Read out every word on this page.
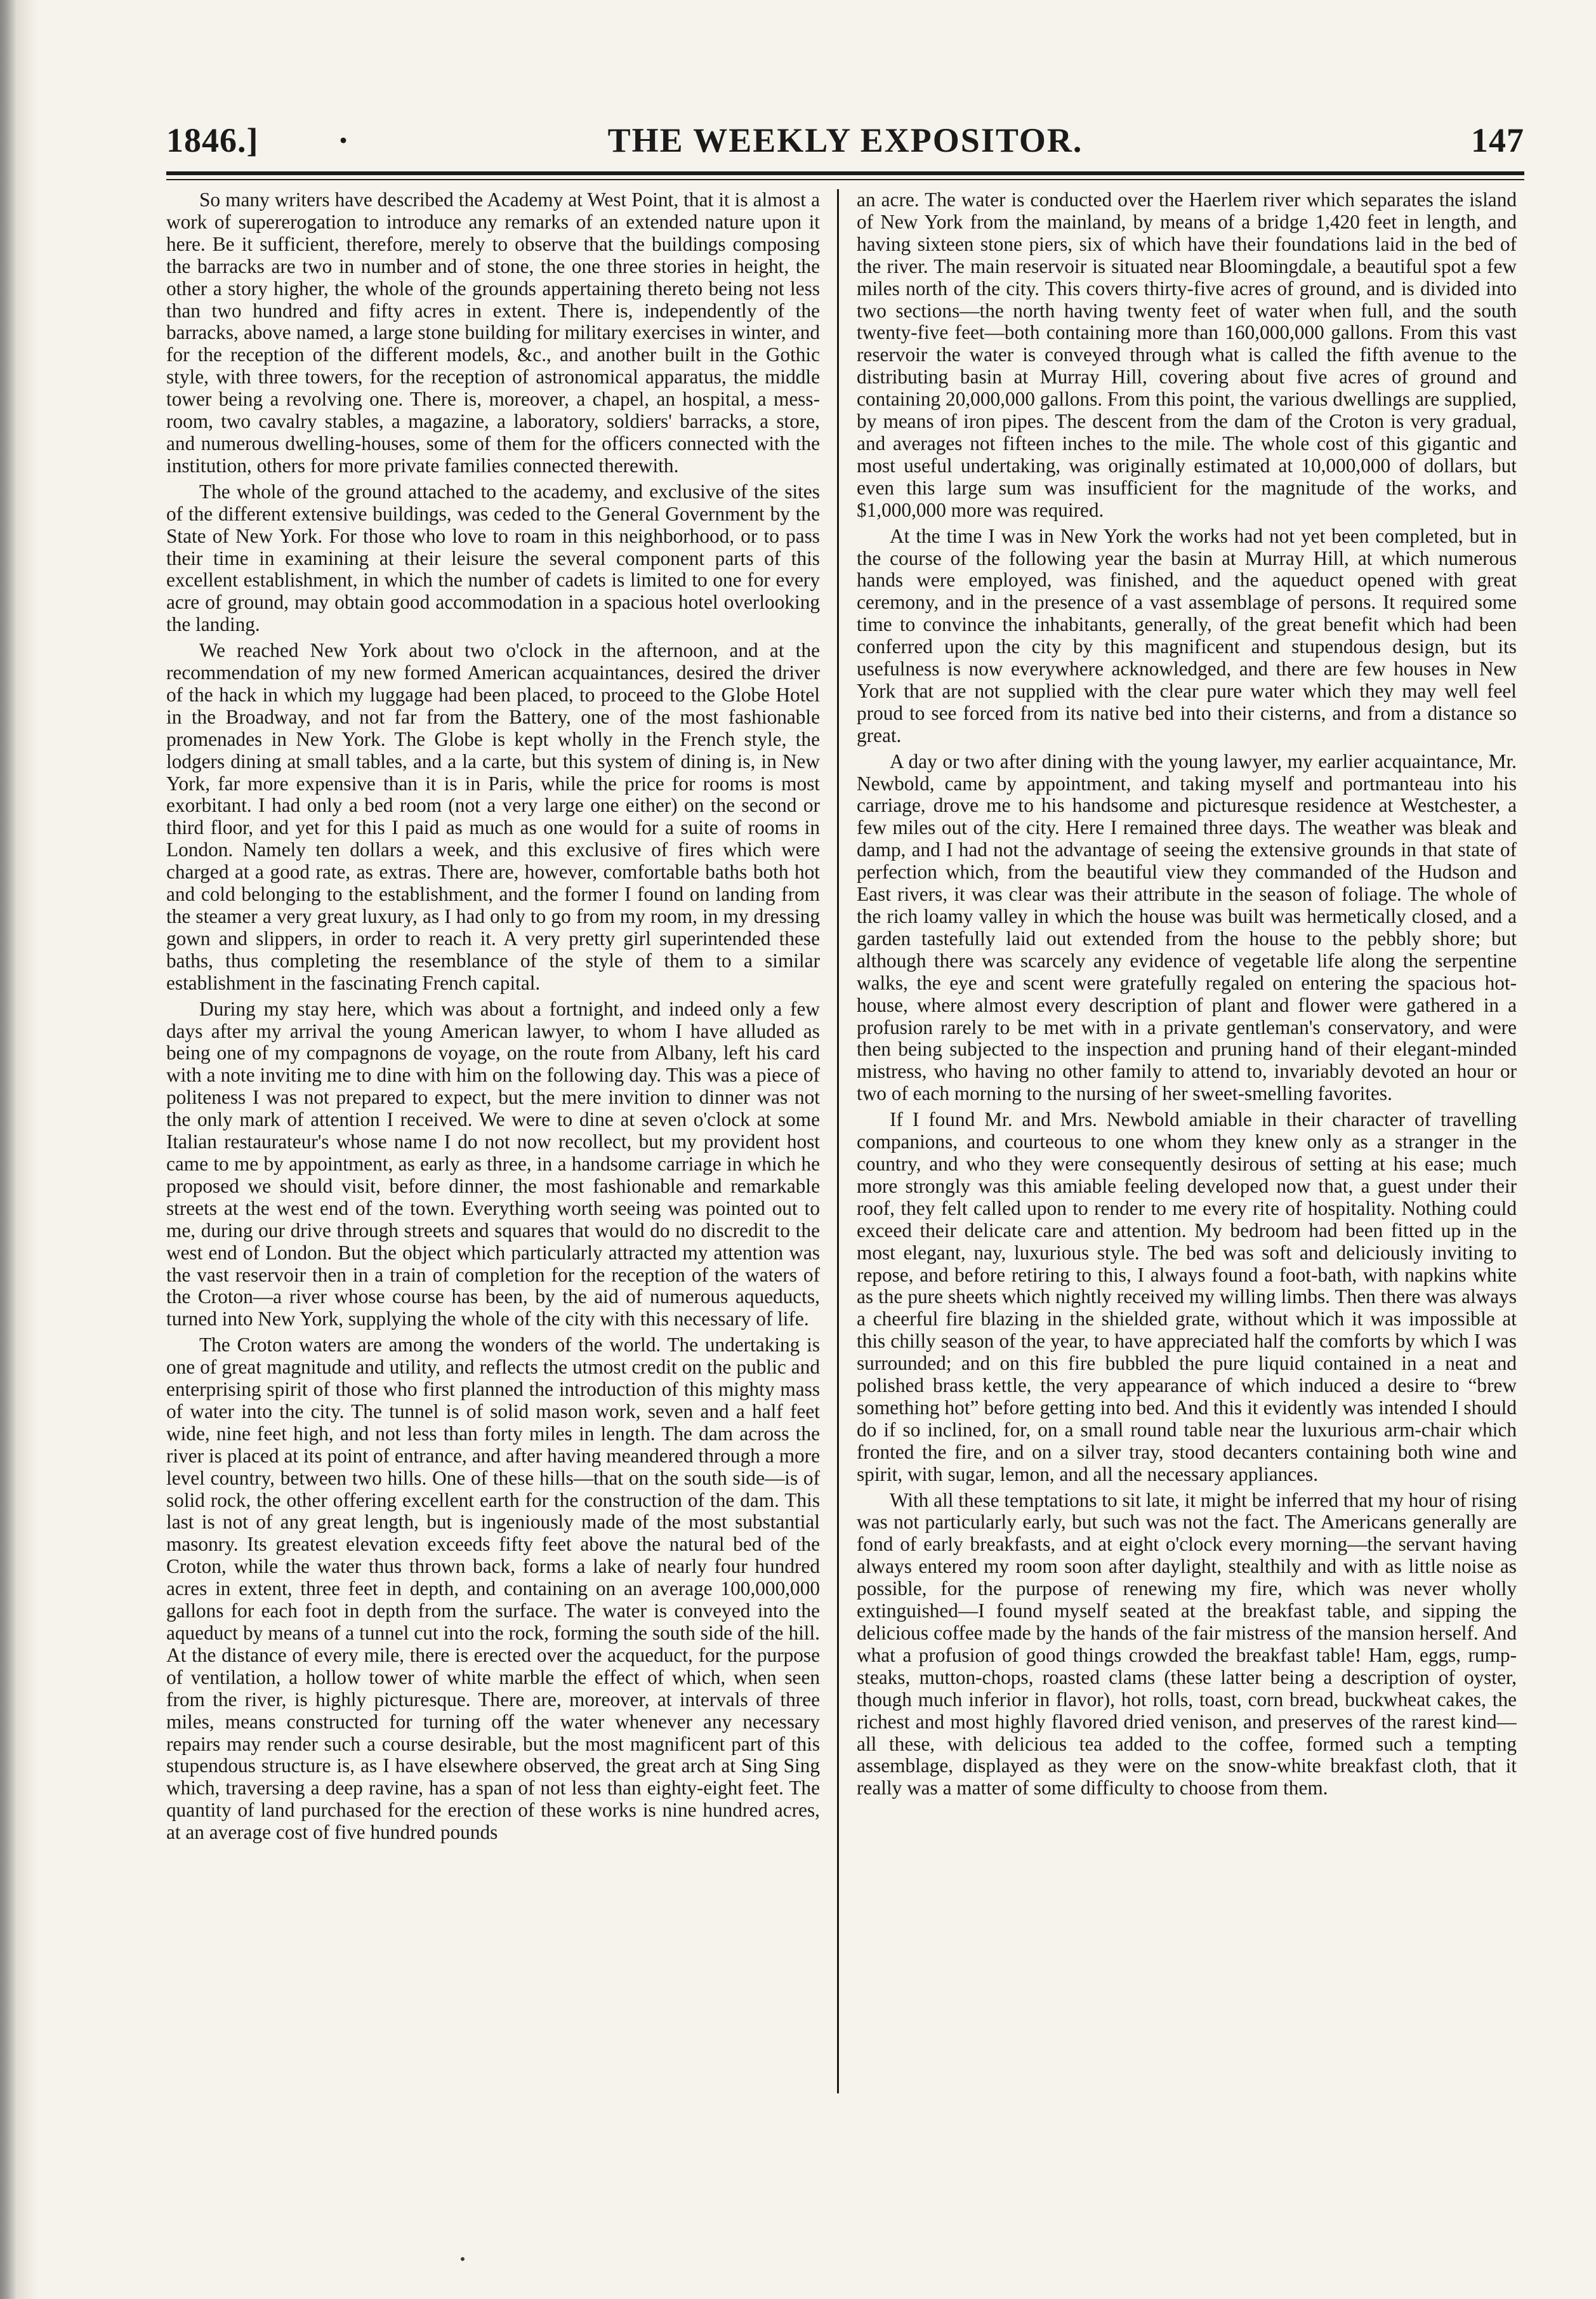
1846.] ·	THE WEEKLY EXPOSITOR.	147

So many writers have described the Academy at West Point, that it is almost a work of supererogation to introduce any remarks of an extended nature upon it here. Be it sufficient, therefore, merely to observe that the buildings composing the barracks are two in number and of stone, the one three stories in height, the other a story higher, the whole of the grounds appertaining thereto being not less than two hundred and fifty acres in extent. There is, independently of the barracks, above named, a large stone building for military exercises in winter, and for the reception of the different models, &c., and another built in the Gothic style, with three towers, for the reception of astronomical apparatus, the middle tower being a revolving one. There is, moreover, a chapel, an hospital, a mess-room, two cavalry stables, a magazine, a laboratory, soldiers' barracks, a store, and numerous dwelling-houses, some of them for the officers connected with the institution, others for more private families connected therewith.

The whole of the ground attached to the academy, and exclusive of the sites of the different extensive buildings, was ceded to the General Government by the State of New York. For those who love to roam in this neighborhood, or to pass their time in examining at their leisure the several component parts of this excellent establishment, in which the number of cadets is limited to one for every acre of ground, may obtain good accommodation in a spacious hotel overlooking the landing.

We reached New York about two o'clock in the afternoon, and at the recommendation of my new formed American acquaintances, desired the driver of the hack in which my luggage had been placed, to proceed to the Globe Hotel in the Broadway, and not far from the Battery, one of the most fashionable promenades in New York. The Globe is kept wholly in the French style, the lodgers dining at small tables, and a la carte, but this system of dining is, in New York, far more expensive than it is in Paris, while the price for rooms is most exorbitant. I had only a bed room (not a very large one either) on the second or third floor, and yet for this I paid as much as one would for a suite of rooms in London. Namely ten dollars a week, and this exclusive of fires which were charged at a good rate, as extras. There are, however, comfortable baths both hot and cold belonging to the establishment, and the former I found on landing from the steamer a very great luxury, as I had only to go from my room, in my dressing gown and slippers, in order to reach it. A very pretty girl superintended these baths, thus completing the resemblance of the style of them to a similar establishment in the fascinating French capital.

During my stay here, which was about a fortnight, and indeed only a few days after my arrival the young American lawyer, to whom I have alluded as being one of my compagnons de voyage, on the route from Albany, left his card with a note inviting me to dine with him on the following day. This was a piece of politeness I was not prepared to expect, but the mere invition to dinner was not the only mark of attention I received. We were to dine at seven o'clock at some Italian restaurateur's whose name I do not now recollect, but my provident host came to me by appointment, as early as three, in a handsome carriage in which he proposed we should visit, before dinner, the most fashionable and remarkable streets at the west end of the town. Everything worth seeing was pointed out to me, during our drive through streets and squares that would do no discredit to the west end of London. But the object which particularly attracted my attention was the vast reservoir then in a train of completion for the reception of the waters of the Croton—a river whose course has been, by the aid of numerous aqueducts, turned into New York, supplying the whole of the city with this necessary of life.

The Croton waters are among the wonders of the world. The undertaking is one of great magnitude and utility, and reflects the utmost credit on the public and enterprising spirit of those who first planned the introduction of this mighty mass of water into the city. The tunnel is of solid mason work, seven and a half feet wide, nine feet high, and not less than forty miles in length. The dam across the river is placed at its point of entrance, and after having meandered through a more level country, between two hills. One of these hills—that on the south side—is of solid rock, the other offering excellent earth for the construction of the dam. This last is not of any great length, but is ingeniously made of the most substantial masonry. Its greatest elevation exceeds fifty feet above the natural bed of the Croton, while the water thus thrown back, forms a lake of nearly four hundred acres in extent, three feet in depth, and containing on an average 100,000,000 gallons for each foot in depth from the surface. The water is conveyed into the aqueduct by means of a tunnel cut into the rock, forming the south side of the hill. At the distance of every mile, there is erected over the acqueduct, for the purpose of ventilation, a hollow tower of white marble the effect of which, when seen from the river, is highly picturesque. There are, moreover, at intervals of three miles, means constructed for turning off the water whenever any necessary repairs may render such a course desirable, but the most magnificent part of this stupendous structure is, as I have elsewhere observed, the great arch at Sing Sing which, traversing a deep ravine, has a span of not less than eighty-eight feet. The quantity of land purchased for the erection of these works is nine hundred acres, at an average cost of five hundred pounds

an acre. The water is conducted over the Haerlem river which separates the island of New York from the mainland, by means of a bridge 1,420 feet in length, and having sixteen stone piers, six of which have their foundations laid in the bed of the river. The main reservoir is situated near Bloomingdale, a beautiful spot a few miles north of the city. This covers thirty-five acres of ground, and is divided into two sections—the north having twenty feet of water when full, and the south twenty-five feet—both containing more than 160,000,000 gallons. From this vast reservoir the water is conveyed through what is called the fifth avenue to the distributing basin at Murray Hill, covering about five acres of ground and containing 20,000,000 gallons. From this point, the various dwellings are supplied, by means of iron pipes. The descent from the dam of the Croton is very gradual, and averages not fifteen inches to the mile. The whole cost of this gigantic and most useful undertaking, was originally estimated at 10,000,000 of dollars, but even this large sum was insufficient for the magnitude of the works, and $1,000,000 more was required.

At the time I was in New York the works had not yet been completed, but in the course of the following year the basin at Murray Hill, at which numerous hands were employed, was finished, and the aqueduct opened with great ceremony, and in the presence of a vast assemblage of persons. It required some time to convince the inhabitants, generally, of the great benefit which had been conferred upon the city by this magnificent and stupendous design, but its usefulness is now everywhere acknowledged, and there are few houses in New York that are not supplied with the clear pure water which they may well feel proud to see forced from its native bed into their cisterns, and from a distance so great.

A day or two after dining with the young lawyer, my earlier acquaintance, Mr. Newbold, came by appointment, and taking myself and portmanteau into his carriage, drove me to his handsome and picturesque residence at Westchester, a few miles out of the city. Here I remained three days. The weather was bleak and damp, and I had not the advantage of seeing the extensive grounds in that state of perfection which, from the beautiful view they commanded of the Hudson and East rivers, it was clear was their attribute in the season of foliage. The whole of the rich loamy valley in which the house was built was hermetically closed, and a garden tastefully laid out extended from the house to the pebbly shore; but although there was scarcely any evidence of vegetable life along the serpentine walks, the eye and scent were gratefully regaled on entering the spacious hot-house, where almost every description of plant and flower were gathered in a profusion rarely to be met with in a private gentleman's conservatory, and were then being subjected to the inspection and pruning hand of their elegant-minded mistress, who having no other family to attend to, invariably devoted an hour or two of each morning to the nursing of her sweet-smelling favorites.

If I found Mr. and Mrs. Newbold amiable in their character of travelling companions, and courteous to one whom they knew only as a stranger in the country, and who they were consequently desirous of setting at his ease; much more strongly was this amiable feeling developed now that, a guest under their roof, they felt called upon to render to me every rite of hospitality. Nothing could exceed their delicate care and attention. My bedroom had been fitted up in the most elegant, nay, luxurious style. The bed was soft and deliciously inviting to repose, and before retiring to this, I always found a foot-bath, with napkins white as the pure sheets which nightly received my willing limbs. Then there was always a cheerful fire blazing in the shielded grate, without which it was impossible at this chilly season of the year, to have appreciated half the comforts by which I was surrounded; and on this fire bubbled the pure liquid contained in a neat and polished brass kettle, the very appearance of which induced a desire to “brew something hot” before getting into bed. And this it evidently was intended I should do if so inclined, for, on a small round table near the luxurious arm-chair which fronted the fire, and on a silver tray, stood decanters containing both wine and spirit, with sugar, lemon, and all the necessary appliances.

With all these temptations to sit late, it might be inferred that my hour of rising was not particularly early, but such was not the fact. The Americans generally are fond of early breakfasts, and at eight o'clock every morning—the servant having always entered my room soon after daylight, stealthily and with as little noise as possible, for the purpose of renewing my fire, which was never wholly extinguished—I found myself seated at the breakfast table, and sipping the delicious coffee made by the hands of the fair mistress of the mansion herself. And what a profusion of good things crowded the breakfast table! Ham, eggs, rump-steaks, mutton-chops, roasted clams (these latter being a description of oyster, though much inferior in flavor), hot rolls, toast, corn bread, buckwheat cakes, the richest and most highly flavored dried venison, and preserves of the rarest kind—all these, with delicious tea added to the coffee, formed such a tempting assemblage, displayed as they were on the snow-white breakfast cloth, that it really was a matter of some difficulty to choose from them.
